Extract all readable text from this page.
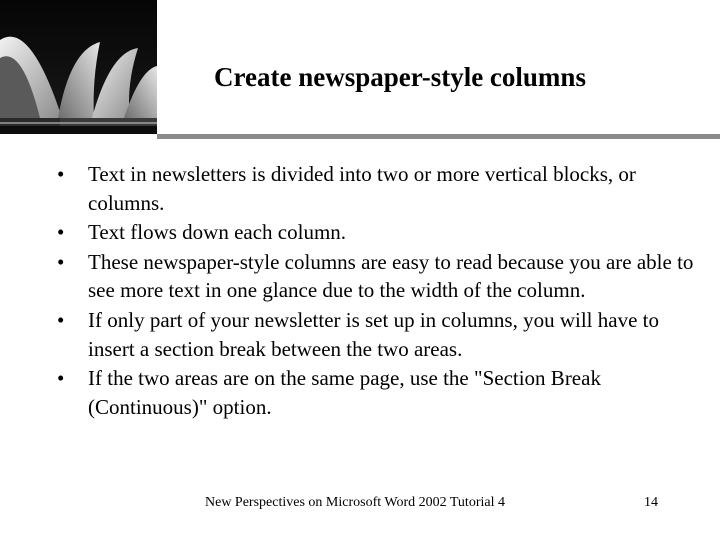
Create newspaper-style columns
•	Text in newsletters is divided into two or more vertical blocks, or columns.
•	Text flows down each column.
•	These newspaper-style columns are easy to read because you are able to see more text in one glance due to the width of the column.
•	If only part of your newsletter is set up in columns, you will have to insert a section break between the two areas.
•	If the two areas are on the same page, use the "Section Break (Continuous)" option.
New Perspectives on Microsoft Word 2002 Tutorial 4	14
